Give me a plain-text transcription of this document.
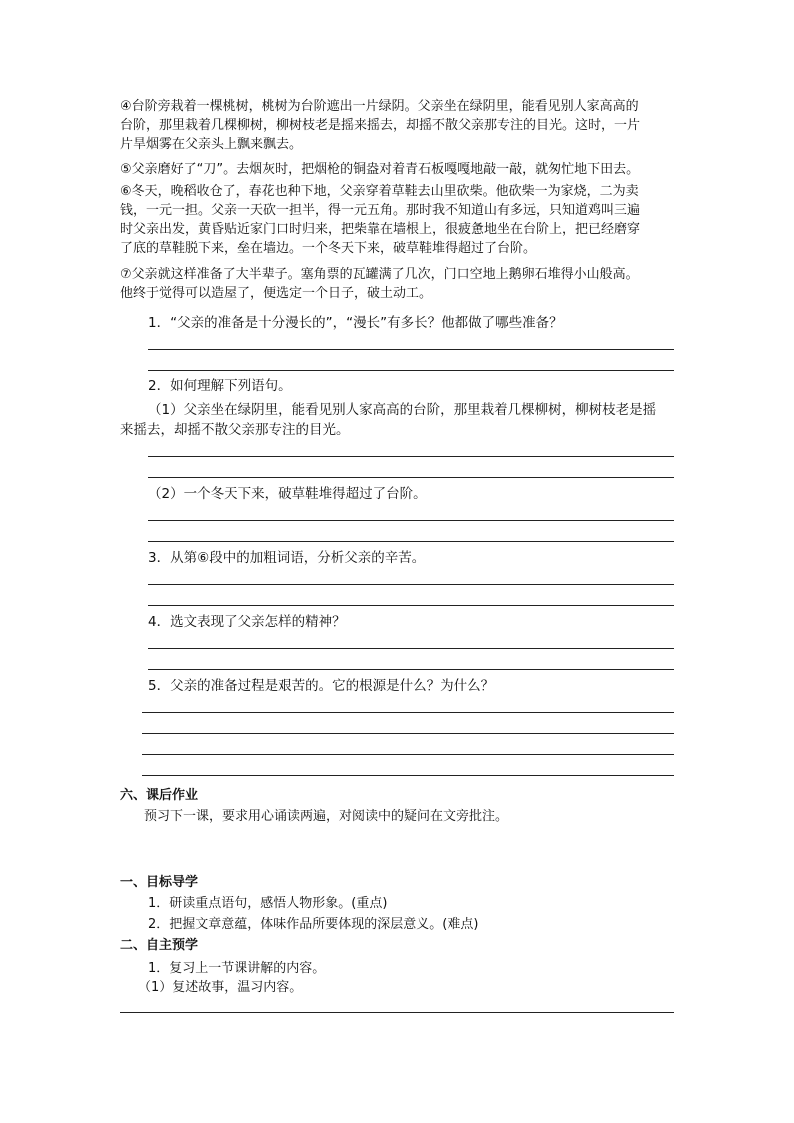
④台阶旁栽着一棵桃树，桃树为台阶遮出一片绿阴。父亲坐在绿阴里，能看见别人家高高的
台阶，那里栽着几棵柳树，柳树枝老是摇来摇去，却摇不散父亲那专注的目光。这时，一片
片旱烟雾在父亲头上飘来飘去。
⑤父亲磨好了“刀”。去烟灰时，把烟枪的铜盎对着青石板嘎嘎地敲一敲，就匆忙地下田去。
⑥冬天，晚稻收仓了，春花也种下地，父亲穿着草鞋去山里砍柴。他砍柴一为家烧，二为卖
钱，一元一担。父亲一天砍一担半，得一元五角。那时我不知道山有多远，只知道鸡叫三遍
时父亲出发，黄昏贴近家门口时归来，把柴靠在墙根上，很疲惫地坐在台阶上，把已经磨穿
了底的草鞋脱下来，垒在墙边。一个冬天下来，破草鞋堆得超过了台阶。
⑦父亲就这样准备了大半辈子。塞角票的瓦罐满了几次，门口空地上鹅卵石堆得小山般高。
他终于觉得可以造屋了，便选定一个日子，破土动工。
1．“父亲的准备是十分漫长的”，“漫长”有多长？他都做了哪些准备？
2．如何理解下列语句。
（1）父亲坐在绿阴里，能看见别人家高高的台阶，那里栽着几棵柳树，柳树枝老是摇
来摇去，却摇不散父亲那专注的目光。
（2）一个冬天下来，破草鞋堆得超过了台阶。
3．从第⑥段中的加粗词语，分析父亲的辛苦。
4．选文表现了父亲怎样的精神？
5．父亲的准备过程是艰苦的。它的根源是什么？为什么？
六、课后作业
预习下一课，要求用心诵读两遍，对阅读中的疑问在文旁批注。
一、目标导学
1．研读重点语句，感悟人物形象。(重点)
2．把握文章意蕴，体味作品所要体现的深层意义。(难点)
二、自主预学
1．复习上一节课讲解的内容。
（1）复述故事，温习内容。
